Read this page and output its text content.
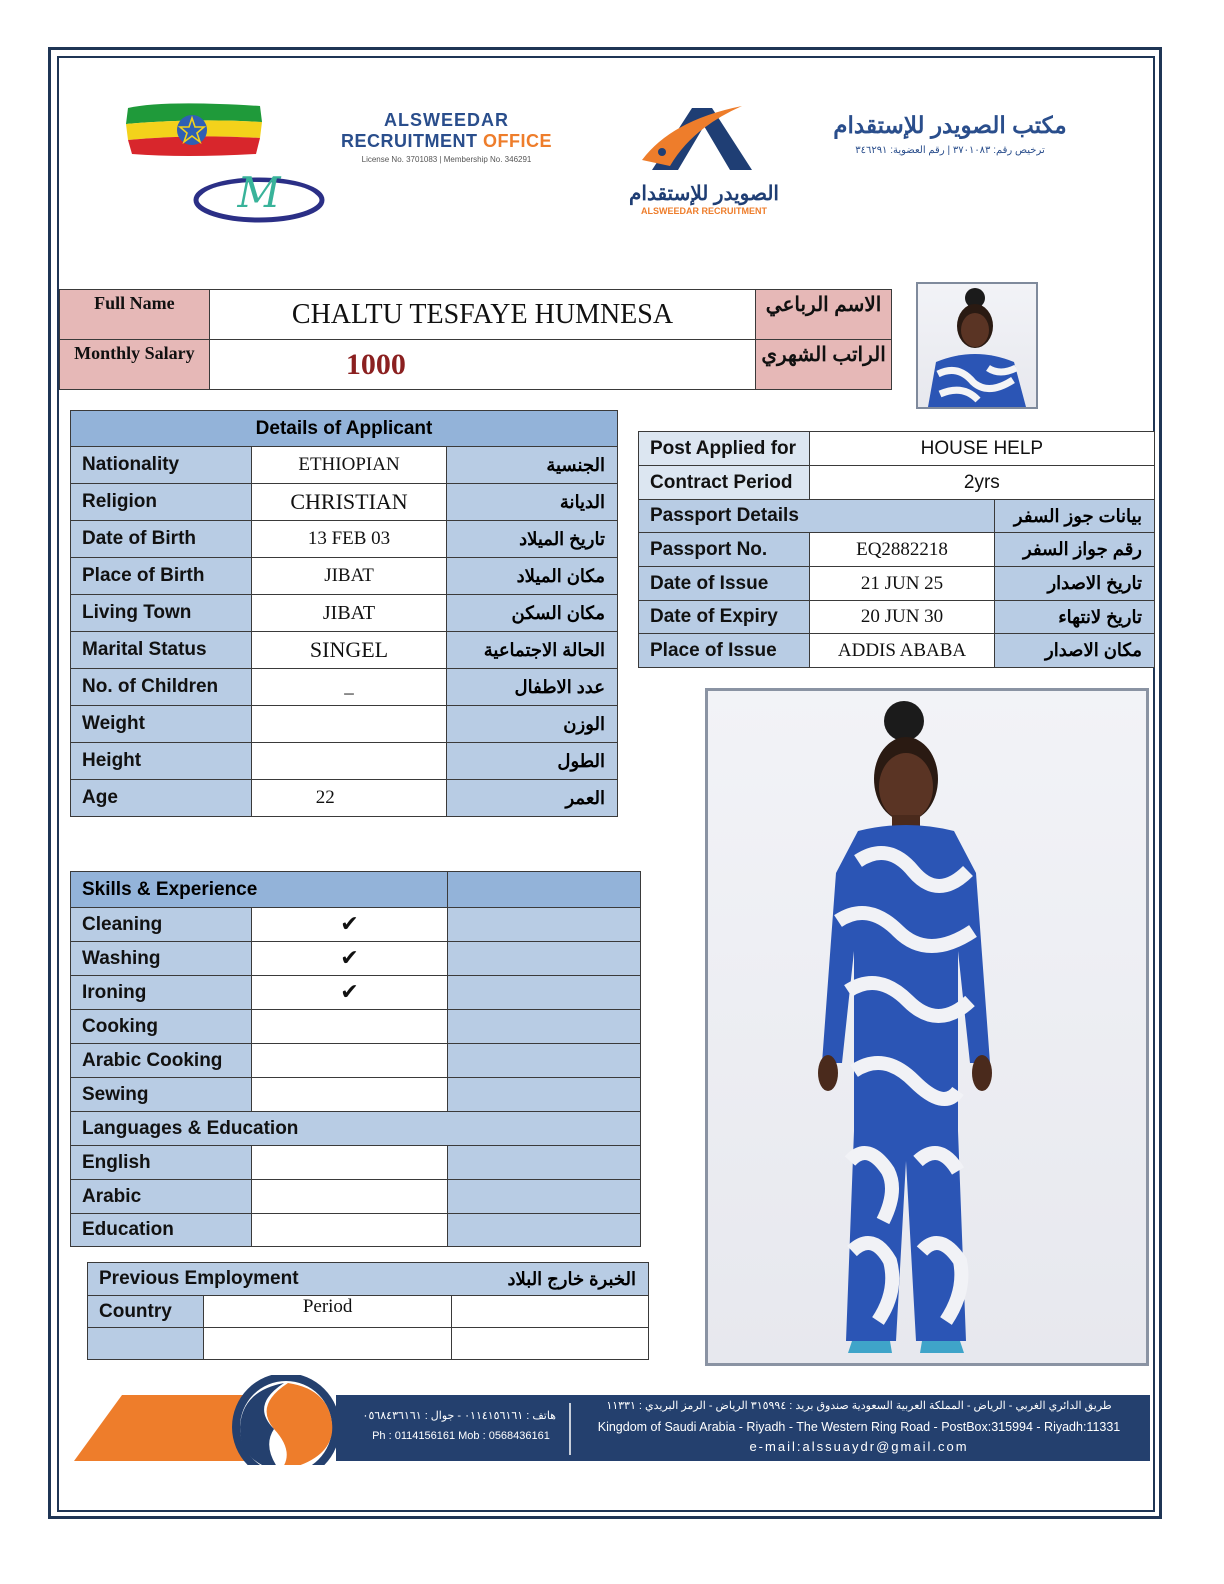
M
ALSWEEDAR
RECRUITMENT OFFICE
License No. 3701083 | Membership No. 346291
الصويدر للإستقدام
ALSWEEDAR RECRUITMENT
مكتب الصويدر للإستقدام
ترخيص رقم: ٣٧٠١٠٨٣ | رقم العضوية: ٣٤٦٢٩١
Full Name	CHALTU TESFAYE HUMNESA	الاسم الرباعي
Monthly Salary	1000	الراتب الشهري
Details of Applicant		
Nationality	ETHIOPIAN	الجنسية
Religion	CHRISTIAN	الديانة
Date of Birth	13 FEB 03	تاريخ الميلاد
Place of Birth	JIBAT	مكان الميلاد
Living Town	JIBAT	مكان السكن
Marital Status	SINGEL	الحالة الاجتماعية
No. of Children	_	عدد الاطفال
Weight		الوزن
Height		الطول
Age	22	العمر
Post Applied for	HOUSE HELP	
Contract Period	2yrs	
Passport Details		بيانات جوز السفر
Passport No.	EQ2882218	رقم جواز السفر
Date of Issue	21 JUN 25	تاريخ الاصدار
Date of Expiry	20 JUN 30	تاريخ لانتهاء
Place of Issue	ADDIS ABABA	مكان الاصدار
Skills & Experience		
Cleaning	✔	
Washing	✔	
Ironing	✔	
Cooking		
Arabic Cooking		
Sewing		
Languages & Education		
English		
Arabic		
Education		
Previous Employment		الخبرة خارج البلاد
Country	Period	

هاتف : ٠١١٤١٥٦١٦١ - جوال : ٠٥٦٨٤٣٦١٦١
Ph : 0114156161 Mob : 0568436161
طريق الدائري الغربي - الرياض - المملكة العربية السعودية صندوق بريد : ٣١٥٩٩٤ الرياض - الرمز البريدي : ١١٣٣١
Kingdom of Saudi Arabia - Riyadh - The Western Ring Road - PostBox:315994 - Riyadh:11331
e-mail:alssuaydr@gmail.com
